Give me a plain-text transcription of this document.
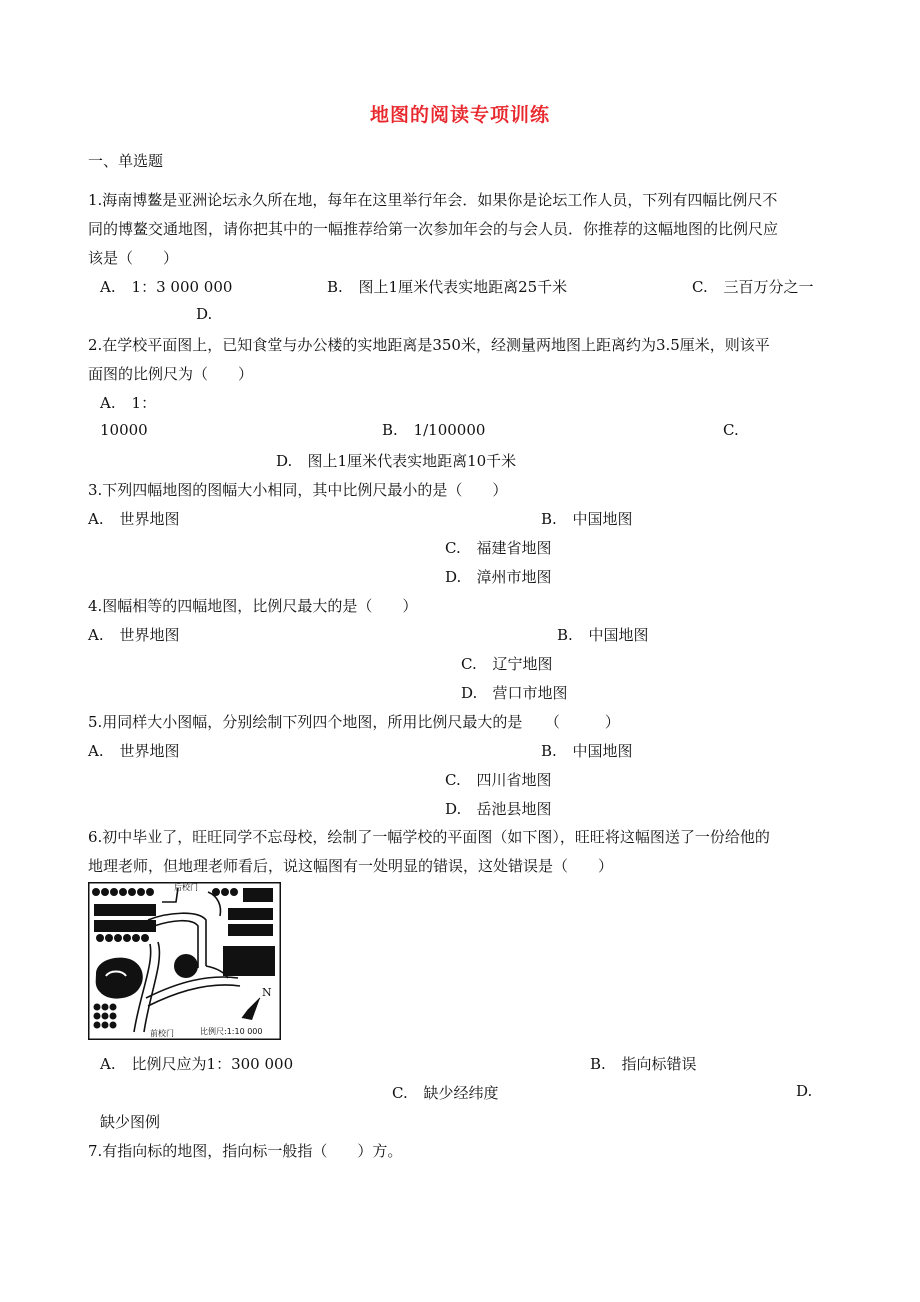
地图的阅读专项训练
一、单选题
1.海南博鳌是亚洲论坛永久所在地，每年在这里举行年会．如果你是论坛工作人员，下列有四幅比例尺不
同的博鳌交通地图，请你把其中的一幅推荐给第一次参加年会的与会人员．你推荐的这幅地图的比例尺应
该是（　　）
A. 1：3 000 000	B. 图上1厘米代表实地距离25千米	C. 三百万分之一
D.
2.在学校平面图上，已知食堂与办公楼的实地距离是350米，经测量两地图上距离约为3.5厘米，则该平
面图的比例尺为（　　）
A. 1：
10000	B. 1/100000	C.
D. 图上1厘米代表实地距离10千米
3.下列四幅地图的图幅大小相同，其中比例尺最小的是（　　）
A. 世界地图	B. 中国地图
C. 福建省地图
D. 漳州市地图
4.图幅相等的四幅地图，比例尺最大的是（　　）
A. 世界地图	B. 中国地图
C. 辽宁地图
D. 营口市地图
5.用同样大小图幅，分别绘制下列四个地图，所用比例尺最大的是　　（　　　）
A. 世界地图	B. 中国地图
C. 四川省地图
D. 岳池县地图
6.初中毕业了，旺旺同学不忘母校，绘制了一幅学校的平面图（如下图），旺旺将这幅图送了一份给他的
地理老师，但地理老师看后，说这幅图有一处明显的错误，这处错误是（　　）
N
后校门
前校门	比例尺:1:10 000
A. 比例尺应为1：300 000	B. 指向标错误
C. 缺少经纬度	D.
缺少图例
7.有指向标的地图，指向标一般指（　　）方。
